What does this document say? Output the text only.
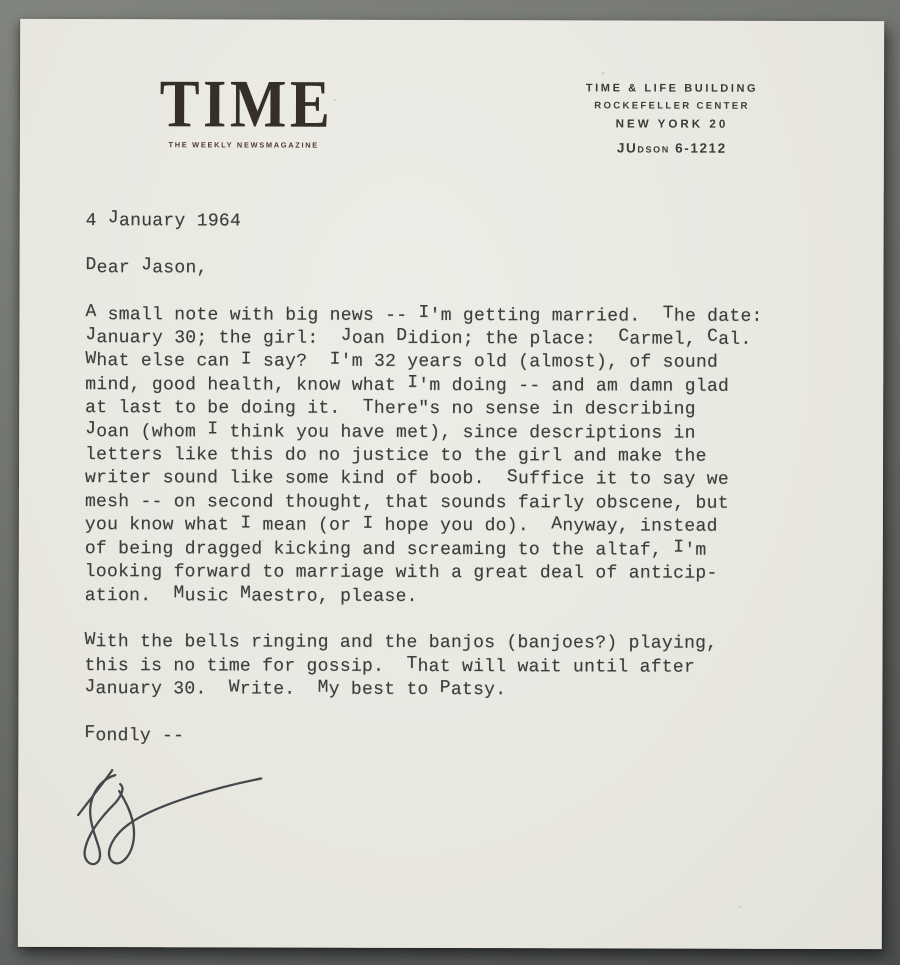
TIME
THE WEEKLY NEWSMAGAZINE
TIME & LIFE BUILDING
ROCKEFELLER CENTER
NEW YORK 20
JUdson 6-1212
4 January 1964

Dear Jason,

A small note with big news -- I'm getting married.  The date:
January 30; the girl:  Joan Didion; the place:  Carmel, Cal.
What else can I say?  I'm 32 years old (almost), of sound
mind, good health, know what I'm doing -- and am damn glad
at last to be doing it.  There"s no sense in describing
Joan (whom I think you have met), since descriptions in
letters like this do no justice to the girl and make the
writer sound like some kind of boob.  Suffice it to say we
mesh -- on second thought, that sounds fairly obscene, but
you know what I mean (or I hope you do).  Anyway, instead
of being dragged kicking and screaming to the altaf, I'm
looking forward to marriage with a great deal of anticip-
ation.  Music Maestro, please.

With the bells ringing and the banjos (banjoes?) playing,
this is no time for gossip.  That will wait until after
January 30.  Write.  My best to Patsy.

Fondly --
